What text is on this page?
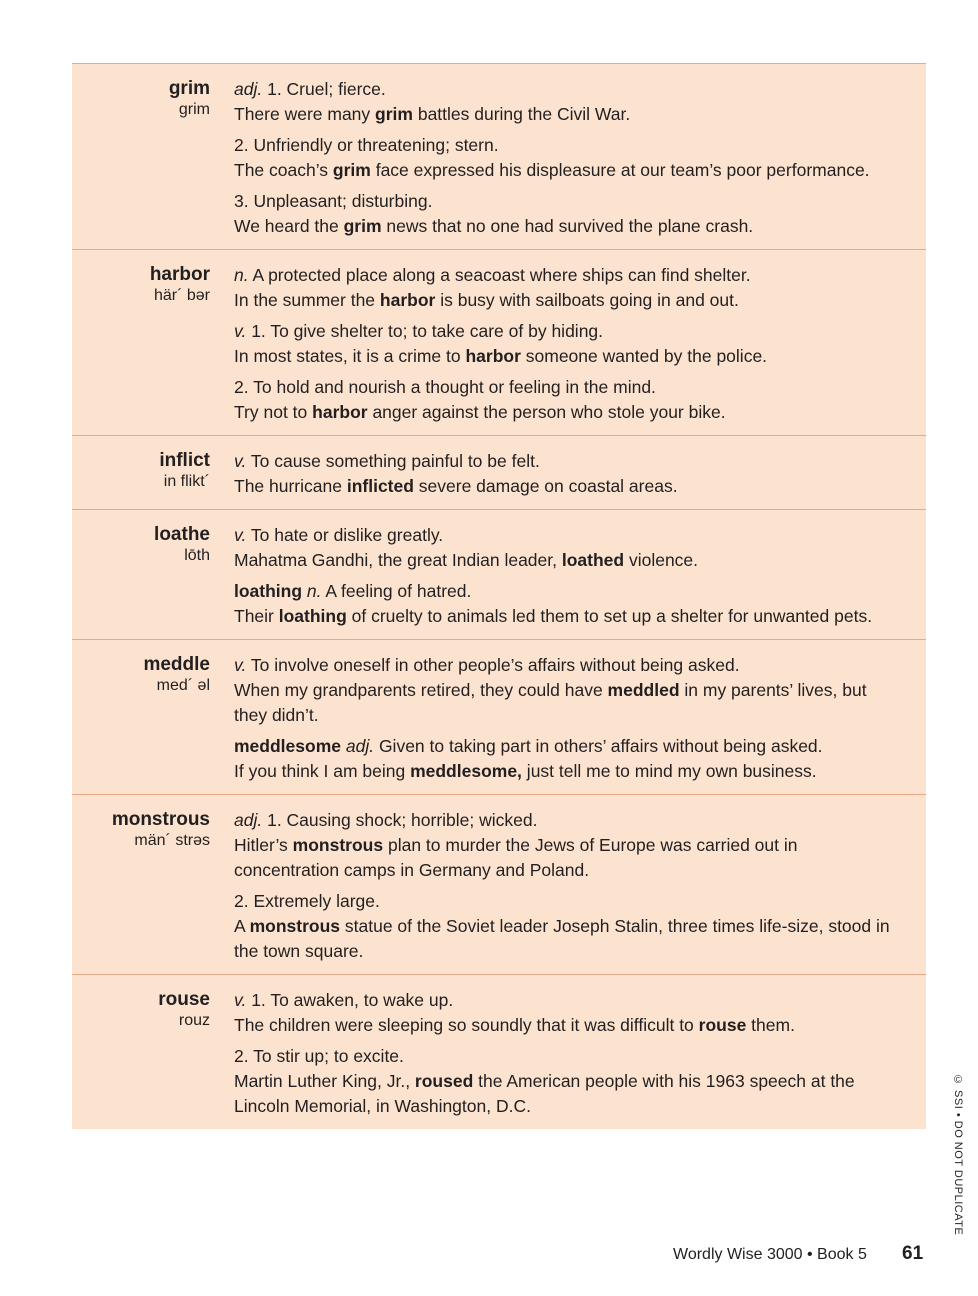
grim
grim
adj. 1. Cruel; fierce.
There were many grim battles during the Civil War.
2. Unfriendly or threatening; stern.
The coach’s grim face expressed his displeasure at our team’s poor performance.
3. Unpleasant; disturbing.
We heard the grim news that no one had survived the plane crash.
harbor
här´ bər
n. A protected place along a seacoast where ships can find shelter.
In the summer the harbor is busy with sailboats going in and out.
v. 1. To give shelter to; to take care of by hiding.
In most states, it is a crime to harbor someone wanted by the police.
2. To hold and nourish a thought or feeling in the mind.
Try not to harbor anger against the person who stole your bike.
inflict
in flikt´
v. To cause something painful to be felt.
The hurricane inflicted severe damage on coastal areas.
loathe
lōth
v. To hate or dislike greatly.
Mahatma Gandhi, the great Indian leader, loathed violence.
loathing n. A feeling of hatred.
Their loathing of cruelty to animals led them to set up a shelter for unwanted pets.
meddle
med´ əl
v. To involve oneself in other people’s affairs without being asked.
When my grandparents retired, they could have meddled in my parents’ lives, but they didn’t.
meddlesome adj. Given to taking part in others’ affairs without being asked.
If you think I am being meddlesome, just tell me to mind my own business.
monstrous
män´ strəs
adj. 1. Causing shock; horrible; wicked.
Hitler’s monstrous plan to murder the Jews of Europe was carried out in concentration camps in Germany and Poland.
2. Extremely large.
A monstrous statue of the Soviet leader Joseph Stalin, three times life-size, stood in the town square.
rouse
rouz
v. 1. To awaken, to wake up.
The children were sleeping so soundly that it was difficult to rouse them.
2. To stir up; to excite.
Martin Luther King, Jr., roused the American people with his 1963 speech at the Lincoln Memorial, in Washington, D.C.
Wordly Wise 3000 • Book 5 61
© SSI • DO NOT DUPLICATE
